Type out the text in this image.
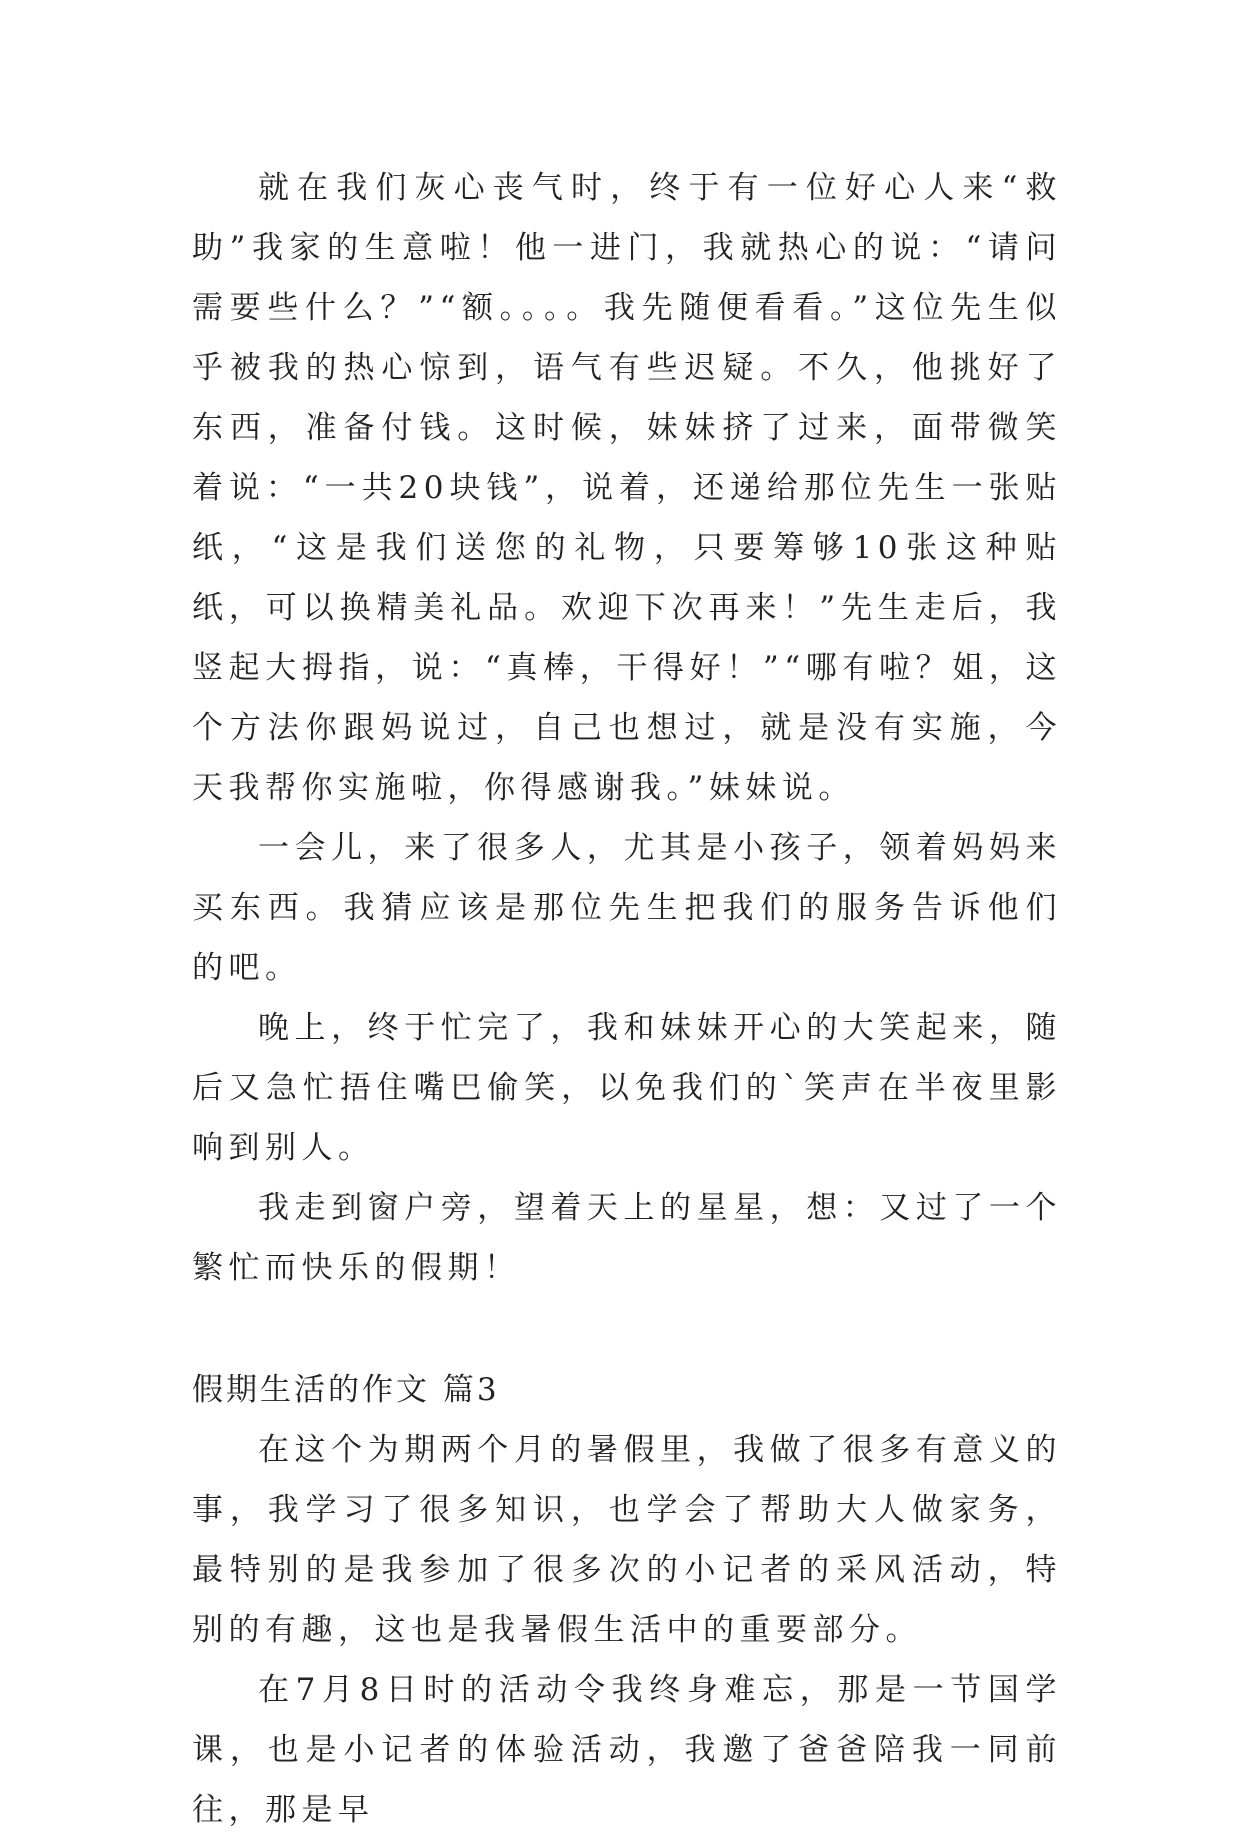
就在我们灰心丧气时，终于有一位好心人来“救助”我家的生意啦！他一进门，我就热心的说：“请问需要些什么？”“额。。。。我先随便看看。”这位先生似乎被我的热心惊到，语气有些迟疑。不久，他挑好了东西，准备付钱。这时候，妹妹挤了过来，面带微笑着说：“一共20块钱”，说着，还递给那位先生一张贴纸，“这是我们送您的礼物，只要筹够10张这种贴纸，可以换精美礼品。欢迎下次再来！”先生走后，我竖起大拇指，说：“真棒，干得好！”“哪有啦？姐，这个方法你跟妈说过，自己也想过，就是没有实施，今天我帮你实施啦，你得感谢我。”妹妹说。

一会儿，来了很多人，尤其是小孩子，领着妈妈来买东西。我猜应该是那位先生把我们的服务告诉他们的吧。

晚上，终于忙完了，我和妹妹开心的大笑起来，随后又急忙捂住嘴巴偷笑，以免我们的`笑声在半夜里影响到别人。

我走到窗户旁，望着天上的星星，想：又过了一个繁忙而快乐的假期！

假期生活的作文 篇3

在这个为期两个月的暑假里，我做了很多有意义的事，我学习了很多知识，也学会了帮助大人做家务，最特别的是我参加了很多次的小记者的采风活动，特别的有趣，这也是我暑假生活中的重要部分。

在7月8日时的活动令我终身难忘，那是一节国学课，也是小记者的体验活动，我邀了爸爸陪我一同前往，那是早
